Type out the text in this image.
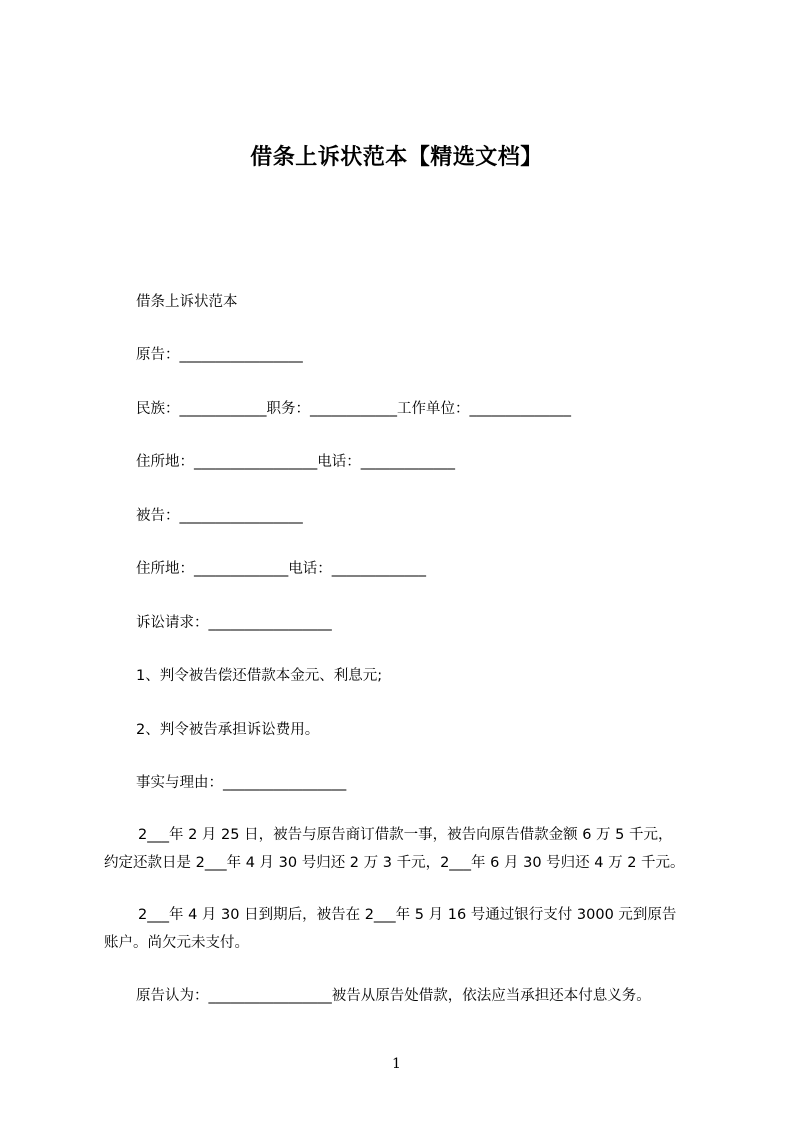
借条上诉状范本【精选文档】
借条上诉状范本
原告：_________________
民族：____________职务：____________工作单位：______________
住所地：_________________电话：_____________
被告：_________________
住所地：_____________电话：_____________
诉讼请求：_________________
1、判令被告偿还借款本金元、利息元;
2、判令被告承担诉讼费用。
事实与理由：_________________
2___年 2 月 25 日，被告与原告商订借款一事，被告向原告借款金额 6 万 5 千元，
约定还款日是 2___年 4 月 30 号归还 2 万 3 千元，2___年 6 月 30 号归还 4 万 2 千元。
2___年 4 月 30 日到期后，被告在 2___年 5 月 16 号通过银行支付 3000 元到原告
账户。尚欠元未支付。
原告认为：_________________被告从原告处借款，依法应当承担还本付息义务。
1
